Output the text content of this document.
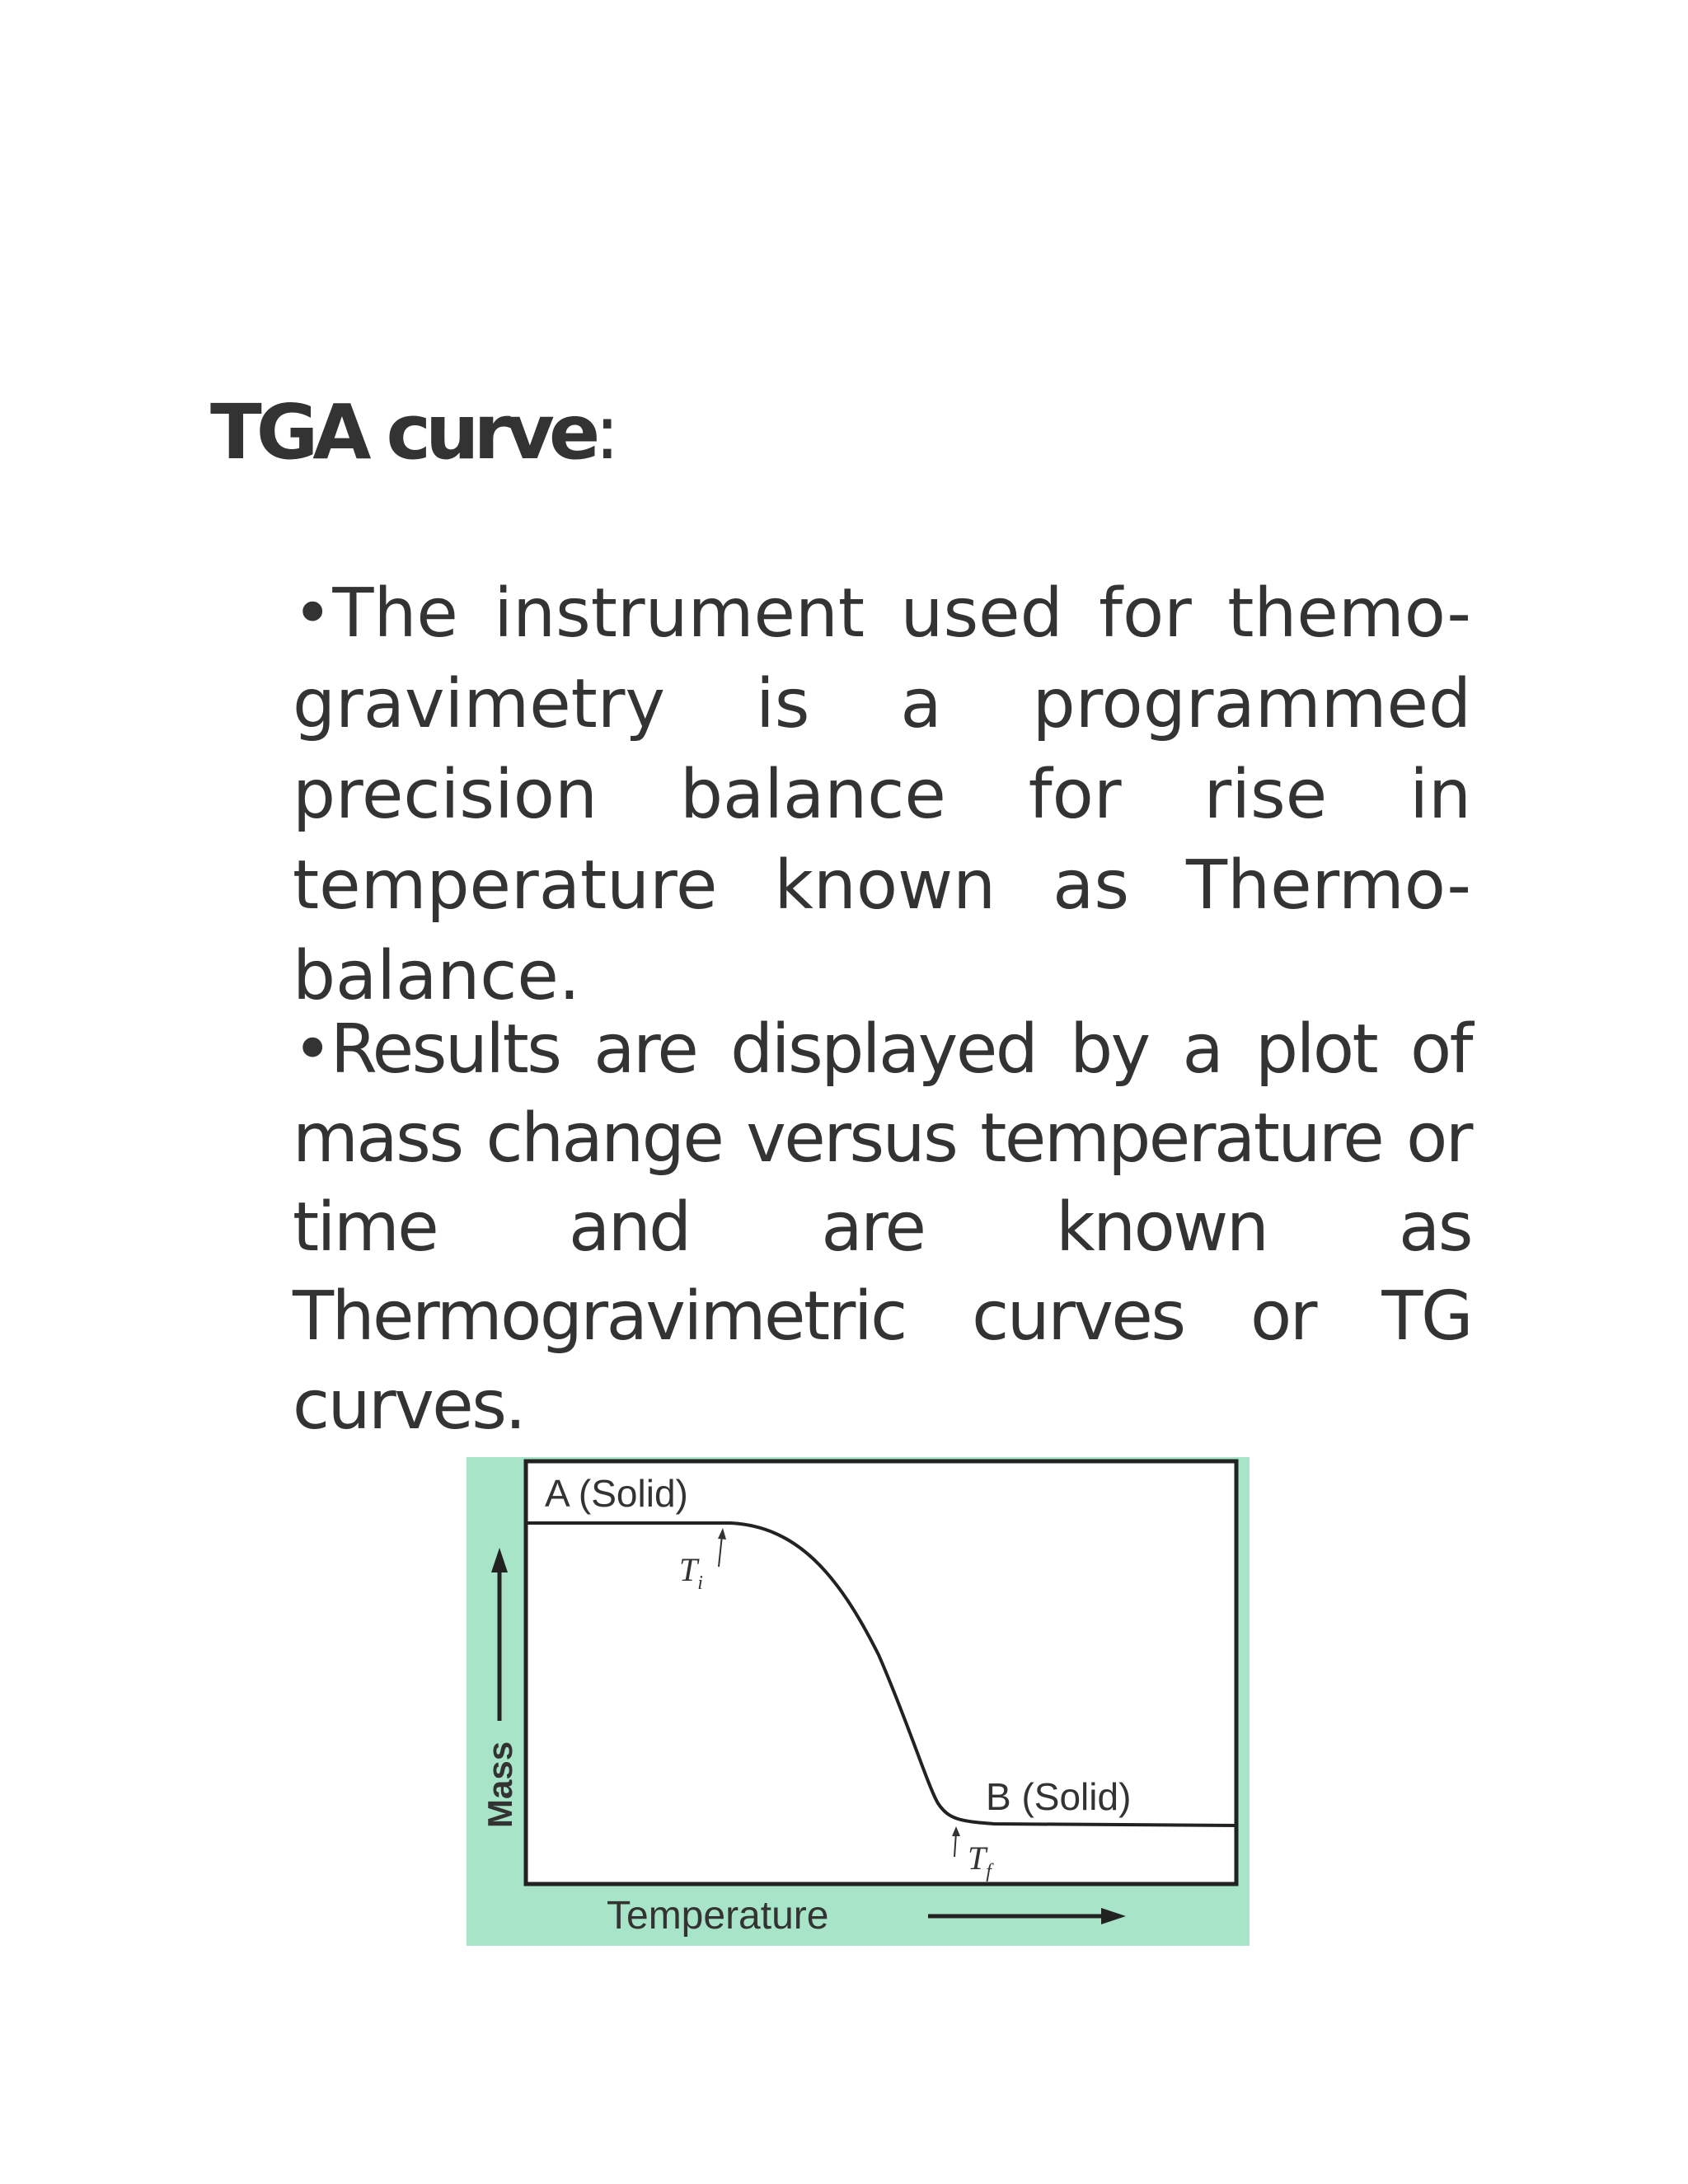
TGA curve:

•The instrument used for themo-gravimetry is a programmed precision balance for rise in temperature known as Thermo-balance.

•Results are displayed by a plot of mass change versus temperature or time and are known as Thermogravimetric curves or TG curves.

A (Solid)
B (Solid)
$T_i$
$T_f$
Temperature
Mass
